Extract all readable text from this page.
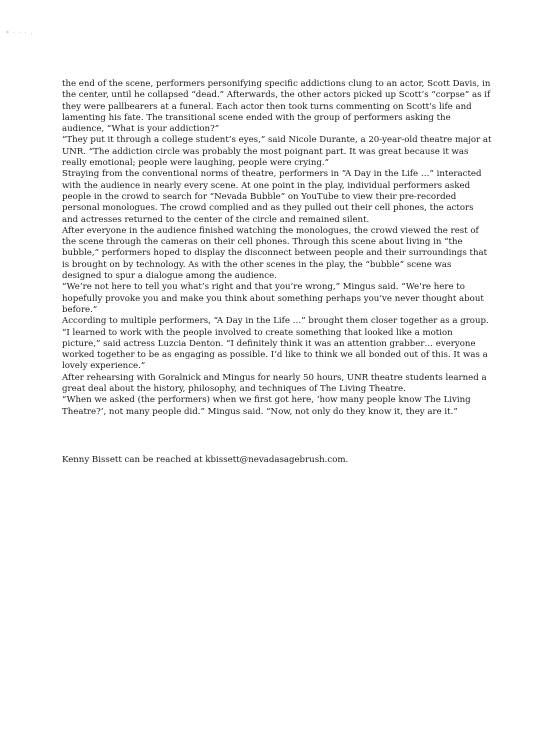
* · · · :

the end of the scene, performers personifying specific addictions clung to an actor, Scott Davis, in the center, until he collapsed “dead.” Afterwards, the other actors picked up Scott’s “corpse” as if they were pallbearers at a funeral. Each actor then took turns commenting on Scott’s life and lamenting his fate. The transitional scene ended with the group of performers asking the audience, “What is your addiction?”

“They put it through a college student’s eyes,” said Nicole Durante, a 20-year-old theatre major at UNR. “The addiction circle was probably the most poignant part. It was great because it was really emotional; people were laughing, people were crying.”

Straying from the conventional norms of theatre, performers in “A Day in the Life …” interacted with the audience in nearly every scene. At one point in the play, individual performers asked people in the crowd to search for “Nevada Bubble” on YouTube to view their pre-recorded personal monologues. The crowd complied and as they pulled out their cell phones, the actors and actresses returned to the center of the circle and remained silent.

After everyone in the audience finished watching the monologues, the crowd viewed the rest of the scene through the cameras on their cell phones. Through this scene about living in “the bubble,” performers hoped to display the disconnect between people and their surroundings that is brought on by technology. As with the other scenes in the play, the “bubble” scene was designed to spur a dialogue among the audience.

“We’re not here to tell you what’s right and that you’re wrong,” Mingus said. “We’re here to hopefully provoke you and make you think about something perhaps you’ve never thought about before.”

According to multiple performers, “A Day in the Life …” brought them closer together as a group.

“I learned to work with the people involved to create something that looked like a motion picture,” said actress Luzcia Denton. “I definitely think it was an attention grabber… everyone worked together to be as engaging as possible. I’d like to think we all bonded out of this. It was a lovely experience.”

After rehearsing with Goralnick and Mingus for nearly 50 hours, UNR theatre students learned a great deal about the history, philosophy, and techniques of The Living Theatre.

“When we asked (the performers) when we first got here, ‘how many people know The Living Theatre?’, not many people did.” Mingus said. “Now, not only do they know it, they are it.”

Kenny Bissett can be reached at kbissett@nevadasagebrush.com.
